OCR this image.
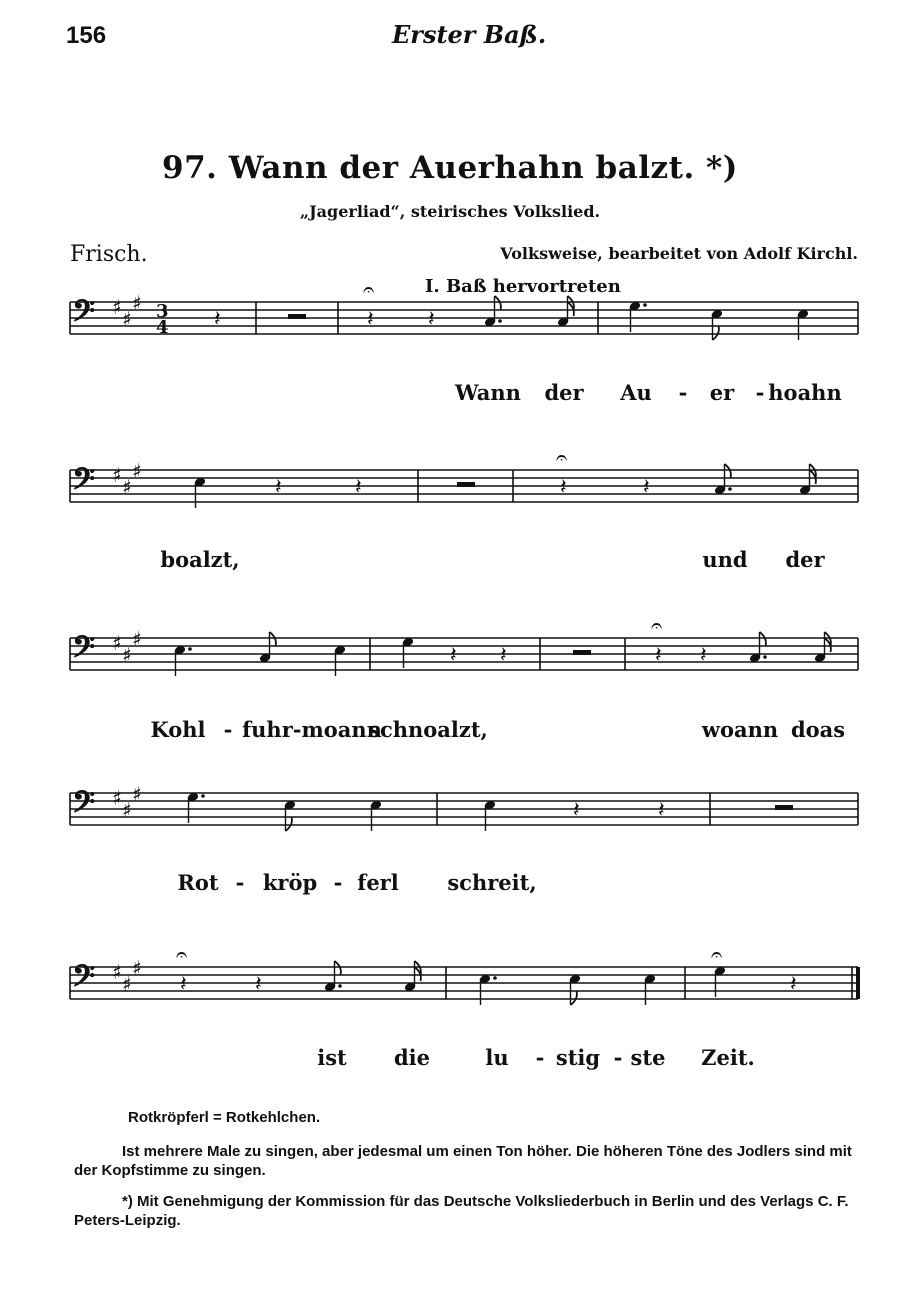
156	Erster Baß.
97. Wann der Auerhahn balzt. *)
„Jagerliad“, steirisches Volkslied.
Frisch.	Volksweise, bearbeitet von Adolf Kirchl.
I. Baß hervortreten
𝄢 ♯ ♯
♯ 3
4 𝄽	𝄽
𝄐
𝄽
𝄢 ♯ ♯
♯
𝄽	𝄽	𝄽
𝄐
𝄽
𝄢 ♯ ♯
♯
𝄽 𝄽	𝄽
𝄐
𝄽
𝄢 ♯ ♯
♯
𝄽	𝄽
𝄢 ♯ ♯
♯
𝄽
𝄐
𝄽
𝄐
𝄽
Wann der Au - er - hoahn
boalzt,	und der
Kohl - fuhr-moann
schnoalzt,	woann doas
Rot - kröp - ferl schreit,
ist die	lu - stig - ste Zeit.
Rotkröpferl = Rotkehlchen.
Ist mehrere Male zu singen, aber jedesmal um einen Ton höher. Die höheren Töne des Jodlers sind mit der Kopfstimme zu singen.
*) Mit Genehmigung der Kommission für das Deutsche Volksliederbuch in Berlin und des Verlags C. F. Peters-Leipzig.
